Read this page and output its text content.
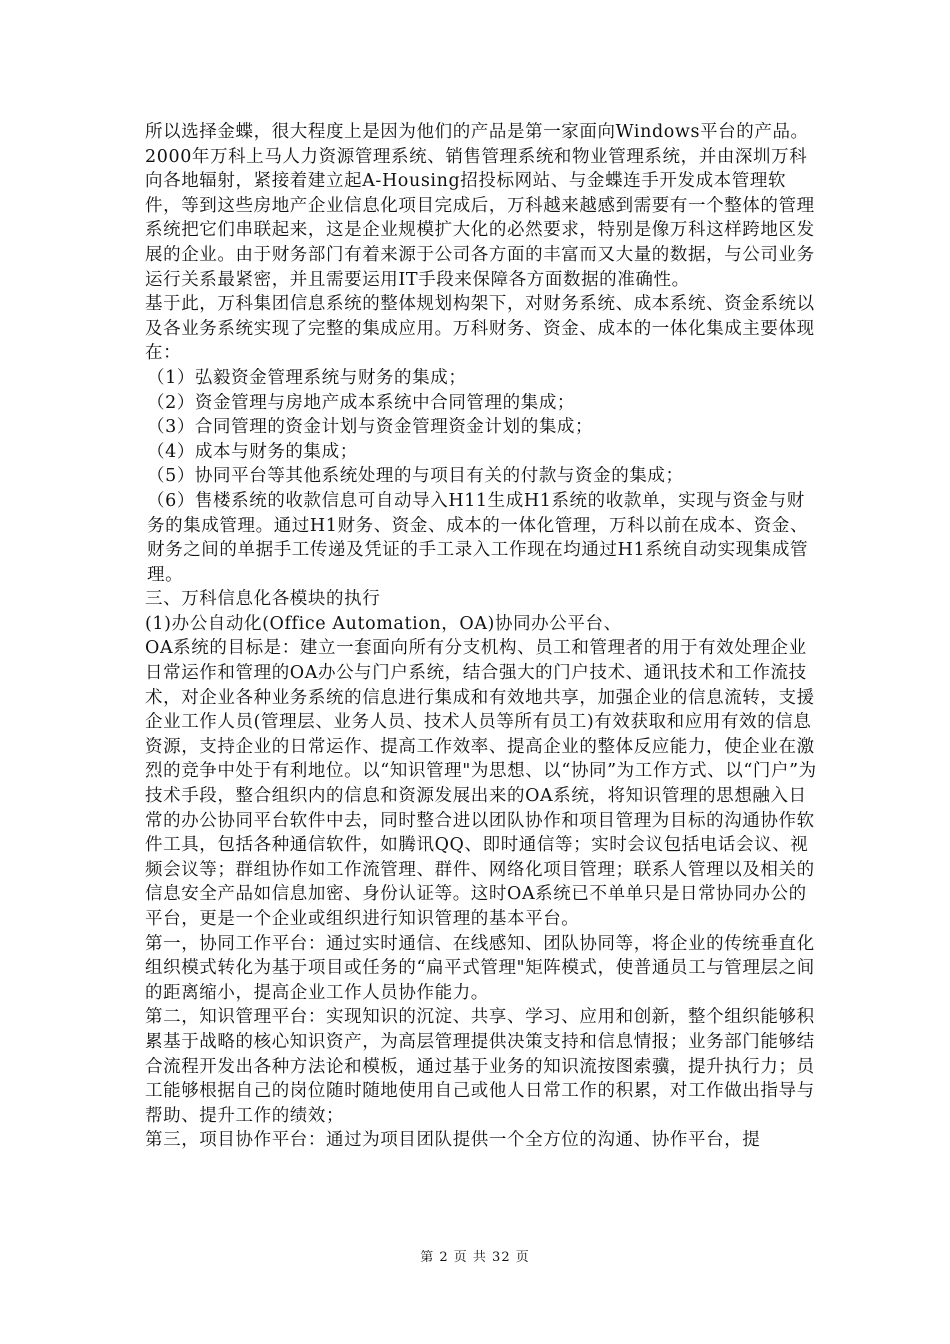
所以选择金蝶，很大程度上是因为他们的产品是第一家面向Windows平台的产品。2000年万科上马人力资源管理系统、销售管理系统和物业管理系统，并由深圳万科向各地辐射，紧接着建立起A-Housing招投标网站、与金蝶连手开发成本管理软件，等到这些房地产企业信息化项目完成后，万科越来越感到需要有一个整体的管理系统把它们串联起来，这是企业规模扩大化的必然要求，特别是像万科这样跨地区发展的企业。由于财务部门有着来源于公司各方面的丰富而又大量的数据，与公司业务运行关系最紧密，并且需要运用IT手段来保障各方面数据的准确性。

基于此，万科集团信息系统的整体规划构架下，对财务系统、成本系统、资金系统以及各业务系统实现了完整的集成应用。万科财务、资金、成本的一体化集成主要体现在：

（1）弘毅资金管理系统与财务的集成；

（2）资金管理与房地产成本系统中合同管理的集成；

（3）合同管理的资金计划与资金管理资金计划的集成；

（4）成本与财务的集成；

（5）协同平台等其他系统处理的与项目有关的付款与资金的集成；

（6）售楼系统的收款信息可自动导入H11生成H1系统的收款单，实现与资金与财务的集成管理。通过H1财务、资金、成本的一体化管理，万科以前在成本、资金、财务之间的单据手工传递及凭证的手工录入工作现在均通过H1系统自动实现集成管理。

三、万科信息化各模块的执行

(1)办公自动化(Office Automation，OA)协同办公平台、

OA系统的目标是：建立一套面向所有分支机构、员工和管理者的用于有效处理企业日常运作和管理的OA办公与门户系统，结合强大的门户技术、通讯技术和工作流技术，对企业各种业务系统的信息进行集成和有效地共享，加强企业的信息流转，支援企业工作人员(管理层、业务人员、技术人员等所有员工)有效获取和应用有效的信息资源，支持企业的日常运作、提高工作效率、提高企业的整体反应能力，使企业在激烈的竞争中处于有利地位。以“知识管理"为思想、以“协同”为工作方式、以“门户”为技术手段，整合组织内的信息和资源发展出来的OA系统，将知识管理的思想融入日常的办公协同平台软件中去，同时整合进以团队协作和项目管理为目标的沟通协作软件工具，包括各种通信软件，如腾讯QQ、即时通信等；实时会议包括电话会议、视频会议等；群组协作如工作流管理、群件、网络化项目管理；联系人管理以及相关的信息安全产品如信息加密、身份认证等。这时OA系统已不单单只是日常协同办公的平台，更是一个企业或组织进行知识管理的基本平台。

第一，协同工作平台：通过实时通信、在线感知、团队协同等，将企业的传统垂直化组织模式转化为基于项目或任务的“扁平式管理"矩阵模式，使普通员工与管理层之间的距离缩小，提高企业工作人员协作能力。

第二，知识管理平台：实现知识的沉淀、共享、学习、应用和创新，整个组织能够积累基于战略的核心知识资产，为高层管理提供决策支持和信息情报；业务部门能够结合流程开发出各种方法论和模板，通过基于业务的知识流按图索骥，提升执行力；员工能够根据自己的岗位随时随地使用自己或他人日常工作的积累，对工作做出指导与帮助、提升工作的绩效；

第三，项目协作平台：通过为项目团队提供一个全方位的沟通、协作平台，提

第 2 页 共 32 页
